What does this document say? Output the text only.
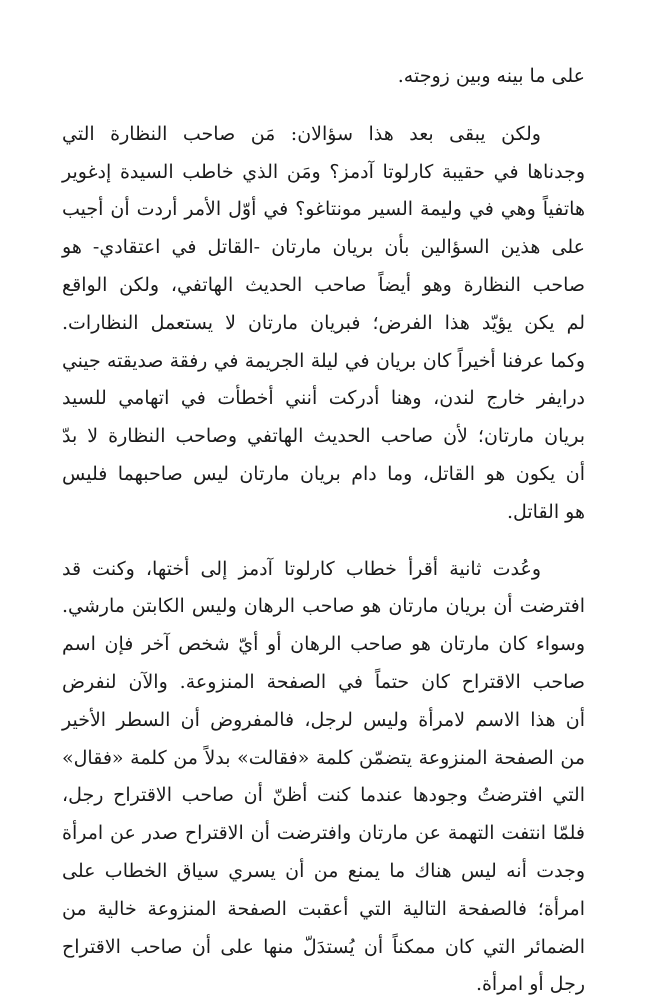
على ما بينه وبين زوجته.

ولكن يبقى بعد هذا سؤالان: مَن صاحب النظارة التي
وجدناها في حقيبة كارلوتا آدمز؟ ومَن الذي خاطب السيدة إدغوير
هاتفياً وهي في وليمة السير مونتاغو؟ في أوّل الأمر أردت أن أجيب
على هذين السؤالين بأن بريان مارتان -القاتل في اعتقادي- هو
صاحب النظارة وهو أيضاً صاحب الحديث الهاتفي، ولكن الواقع
لم يكن يؤيّد هذا الفرض؛ فبريان مارتان لا يستعمل النظارات.
وكما عرفنا أخيراً كان بريان في ليلة الجريمة في رفقة صديقته جيني
درايفر خارج لندن، وهنا أدركت أنني أخطأت في اتهامي للسيد
بريان مارتان؛ لأن صاحب الحديث الهاتفي وصاحب النظارة لا بدّ
أن يكون هو القاتل، وما دام بريان مارتان ليس صاحبهما فليس
هو القاتل.

وعُدت ثانية أقرأ خطاب كارلوتا آدمز إلى أختها، وكنت قد
افترضت أن بريان مارتان هو صاحب الرهان وليس الكابتن مارشي.
وسواء كان مارتان هو صاحب الرهان أو أيّ شخص آخر فإن اسم
صاحب الاقتراح كان حتماً في الصفحة المنزوعة. والآن لنفرض
أن هذا الاسم لامرأة وليس لرجل، فالمفروض أن السطر الأخير
من الصفحة المنزوعة يتضمّن كلمة «فقالت» بدلاً من كلمة «فقال»
التي افترضتُ وجودها عندما كنت أظنّ أن صاحب الاقتراح رجل،
فلمّا انتفت التهمة عن مارتان وافترضت أن الاقتراح صدر عن امرأة
وجدت أنه ليس هناك ما يمنع من أن يسري سياق الخطاب على
امرأة؛ فالصفحة التالية التي أعقبت الصفحة المنزوعة خالية من
الضمائر التي كان ممكناً أن يُستدَلّ منها على أن صاحب الاقتراح
رجل أو امرأة.
